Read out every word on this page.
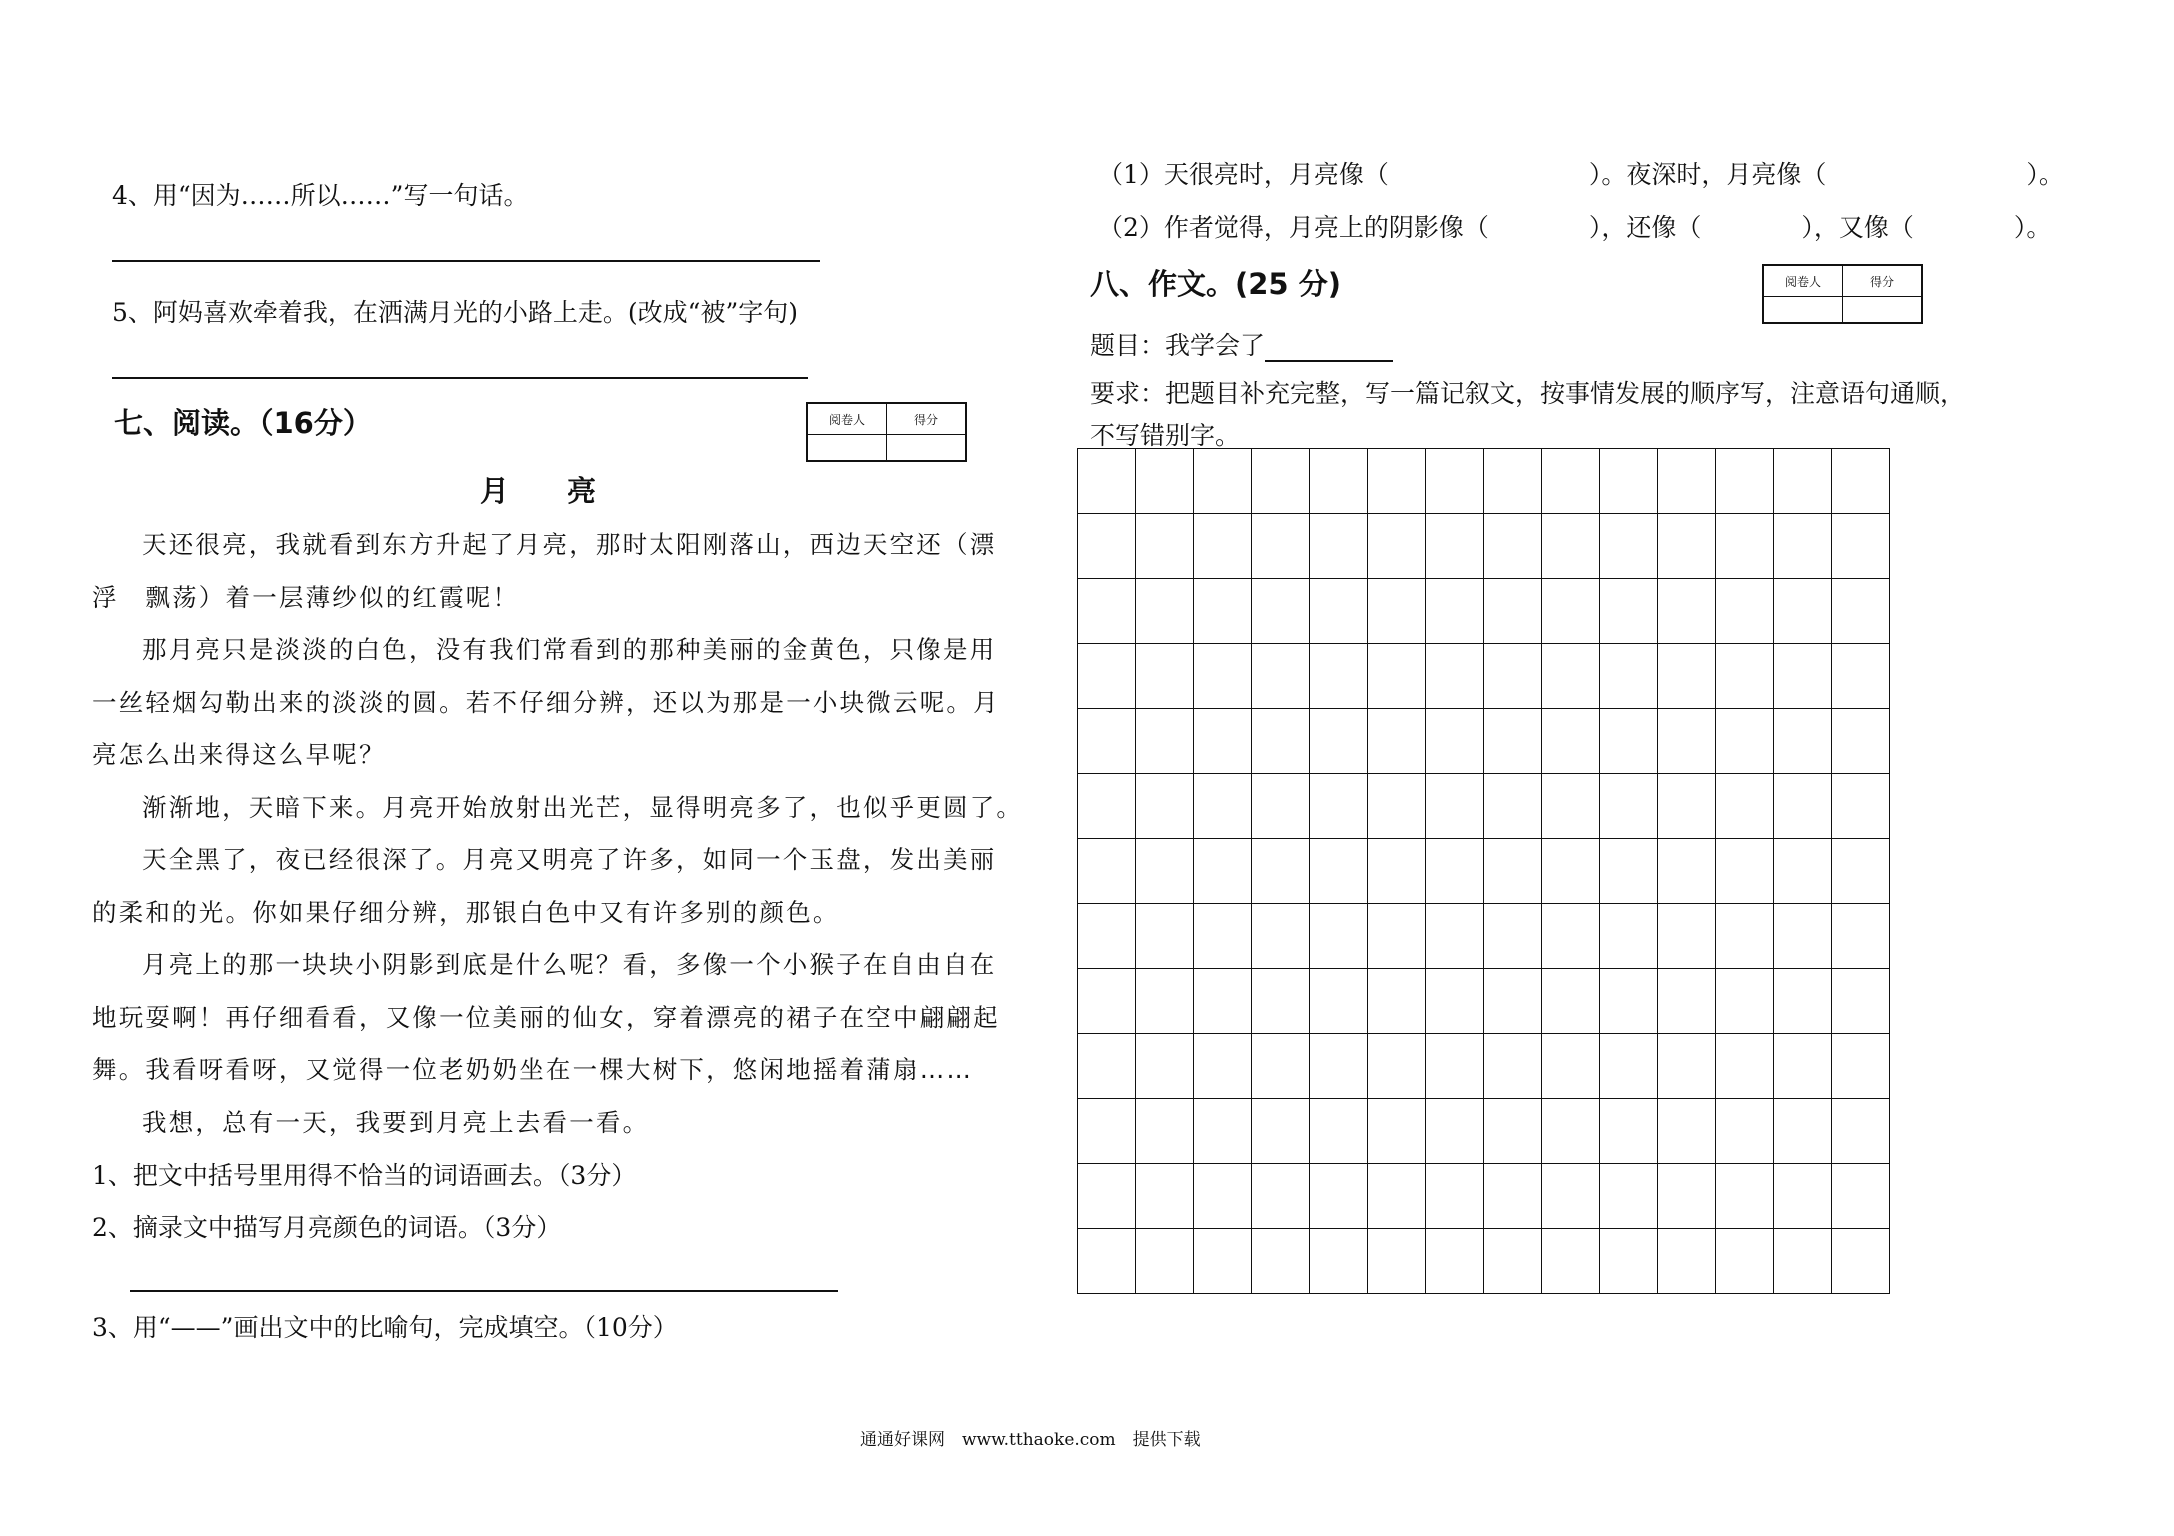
4、用“因为……所以……”写一句话。
5、阿妈喜欢牵着我，在洒满月光的小路上走。(改成“被”字句)
七、阅读。（16分）	阅卷人	得分

月　　亮
天还很亮，我就看到东方升起了月亮，那时太阳刚落山，西边天空还（漂
浮　飘荡）着一层薄纱似的红霞呢！
那月亮只是淡淡的白色，没有我们常看到的那种美丽的金黄色，只像是用
一丝轻烟勾勒出来的淡淡的圆。若不仔细分辨，还以为那是一小块微云呢。月
亮怎么出来得这么早呢？
渐渐地，天暗下来。月亮开始放射出光芒，显得明亮多了，也似乎更圆了。
天全黑了，夜已经很深了。月亮又明亮了许多，如同一个玉盘，发出美丽
的柔和的光。你如果仔细分辨，那银白色中又有许多别的颜色。
月亮上的那一块块小阴影到底是什么呢？看，多像一个小猴子在自由自在
地玩耍啊！再仔细看看，又像一位美丽的仙女，穿着漂亮的裙子在空中翩翩起
舞。我看呀看呀，又觉得一位老奶奶坐在一棵大树下，悠闲地摇着蒲扇……
我想，总有一天，我要到月亮上去看一看。
1、把文中括号里用得不恰当的词语画去。（3分）
2、摘录文中描写月亮颜色的词语。（3分）
3、用“——”画出文中的比喻句，完成填空。（10分）
（1）天很亮时，月亮像（　　　　　　　　）。夜深时，月亮像（　　　　　　　　）。
（2）作者觉得，月亮上的阴影像（　　　　），还像（　　　　），又像（　　　　）。
八、作文。(25 分)	阅卷人	得分

题目：我学会了
要求：把题目补充完整，写一篇记叙文，按事情发展的顺序写，注意语句通顺，
不写错别字。

通通好课网　www.tthaoke.com　提供下载
